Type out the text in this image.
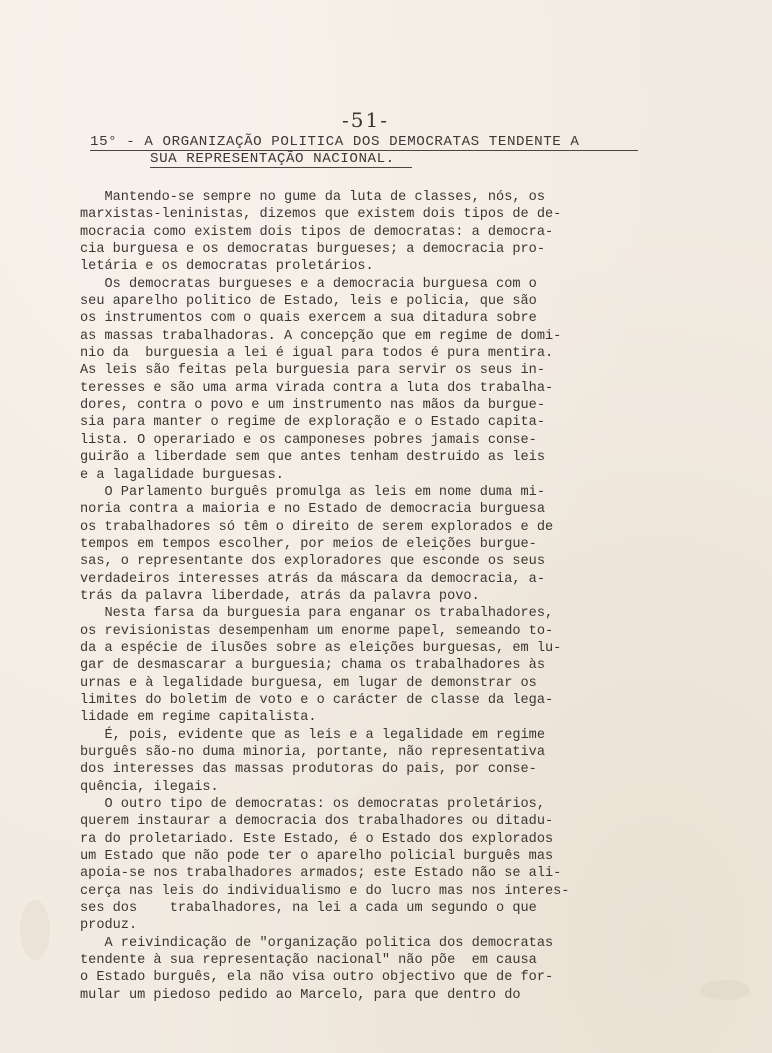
-51-
15° - A ORGANIZAÇÃO POLITICA DOS DEMOCRATAS TENDENTE A
SUA REPRESENTAÇÃO NACIONAL.
Mantendo-se sempre no gume da luta de classes, nós, os
marxistas-leninistas, dizemos que existem dois tipos de de-
mocracia como existem dois tipos de democratas: a democra-
cia burguesa e os democratas burgueses; a democracia pro-
letária e os democratas proletários.
Os democratas burgueses e a democracia burguesa com o
seu aparelho politico de Estado, leis e policia, que são
os instrumentos com o quais exercem a sua ditadura sobre
as massas trabalhadoras. A concepção que em regime de domi-
nio da  burguesia a lei é igual para todos é pura mentira.
As leis são feitas pela burguesia para servir os seus in-
teresses e são uma arma virada contra a luta dos trabalha-
dores, contra o povo e um instrumento nas mãos da burgue-
sia para manter o regime de exploração e o Estado capita-
lista. O operariado e os camponeses pobres jamais conse-
guirão a liberdade sem que antes tenham destruido as leis
e a lagalidade burguesas.
O Parlamento burguês promulga as leis em nome duma mi-
noria contra a maioria e no Estado de democracia burguesa
os trabalhadores só têm o direito de serem explorados e de
tempos em tempos escolher, por meios de eleições burgue-
sas, o representante dos exploradores que esconde os seus
verdadeiros interesses atrás da máscara da democracia, a-
trás da palavra liberdade, atrás da palavra povo.
Nesta farsa da burguesia para enganar os trabalhadores,
os revisionistas desempenham um enorme papel, semeando to-
da a espécie de ilusões sobre as eleições burguesas, em lu-
gar de desmascarar a burguesia; chama os trabalhadores às
urnas e à legalidade burguesa, em lugar de demonstrar os
limites do boletim de voto e o carácter de classe da lega-
lidade em regime capitalista.
É, pois, evidente que as leis e a legalidade em regime
burguês são-no duma minoria, portante, não representativa
dos interesses das massas produtoras do pais, por conse-
quência, ilegais.
O outro tipo de democratas: os democratas proletários,
querem instaurar a democracia dos trabalhadores ou ditadu-
ra do proletariado. Este Estado, é o Estado dos explorados
um Estado que não pode ter o aparelho policial burguês mas
apoia-se nos trabalhadores armados; este Estado não se ali-
cerça nas leis do individualismo e do lucro mas nos interes-
ses dos    trabalhadores, na lei a cada um segundo o que
produz.
A reivindicação de "organização politica dos democratas
tendente à sua representação nacional" não põe  em causa
o Estado burguês, ela não visa outro objectivo que de for-
mular um piedoso pedido ao Marcelo, para que dentro do
